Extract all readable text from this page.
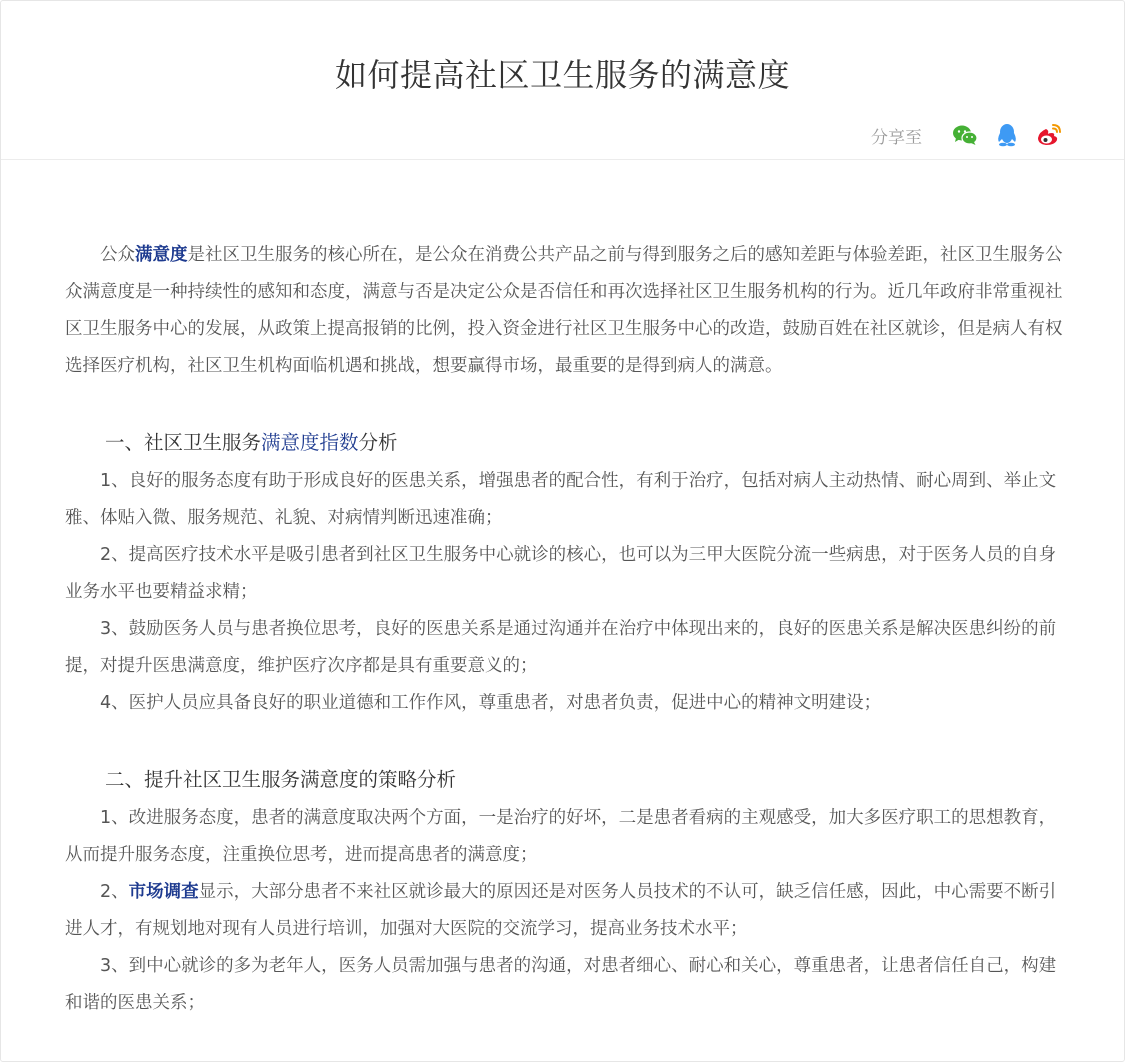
如何提高社区卫生服务的满意度
分享至

公众满意度是社区卫生服务的核心所在，是公众在消费公共产品之前与得到服务之后的感知差距与体验差距，社区卫生服务公众满意度是一种持续性的感知和态度，满意与否是决定公众是否信任和再次选择社区卫生服务机构的行为。近几年政府非常重视社区卫生服务中心的发展，从政策上提高报销的比例，投入资金进行社区卫生服务中心的改造，鼓励百姓在社区就诊，但是病人有权选择医疗机构，社区卫生机构面临机遇和挑战，想要赢得市场，最重要的是得到病人的满意。

一、社区卫生服务满意度指数分析

1、良好的服务态度有助于形成良好的医患关系，增强患者的配合性，有利于治疗，包括对病人主动热情、耐心周到、举止文雅、体贴入微、服务规范、礼貌、对病情判断迅速准确；

2、提高医疗技术水平是吸引患者到社区卫生服务中心就诊的核心，也可以为三甲大医院分流一些病患，对于医务人员的自身业务水平也要精益求精；

3、鼓励医务人员与患者换位思考，良好的医患关系是通过沟通并在治疗中体现出来的，良好的医患关系是解决医患纠纷的前提，对提升医患满意度，维护医疗次序都是具有重要意义的；

4、医护人员应具备良好的职业道德和工作作风，尊重患者，对患者负责，促进中心的精神文明建设；

二、提升社区卫生服务满意度的策略分析

1、改进服务态度，患者的满意度取决两个方面，一是治疗的好坏，二是患者看病的主观感受，加大多医疗职工的思想教育，从而提升服务态度，注重换位思考，进而提高患者的满意度；

2、市场调查显示，大部分患者不来社区就诊最大的原因还是对医务人员技术的不认可，缺乏信任感，因此，中心需要不断引进人才，有规划地对现有人员进行培训，加强对大医院的交流学习，提高业务技术水平；

3、到中心就诊的多为老年人，医务人员需加强与患者的沟通，对患者细心、耐心和关心，尊重患者，让患者信任自己，构建和谐的医患关系；
